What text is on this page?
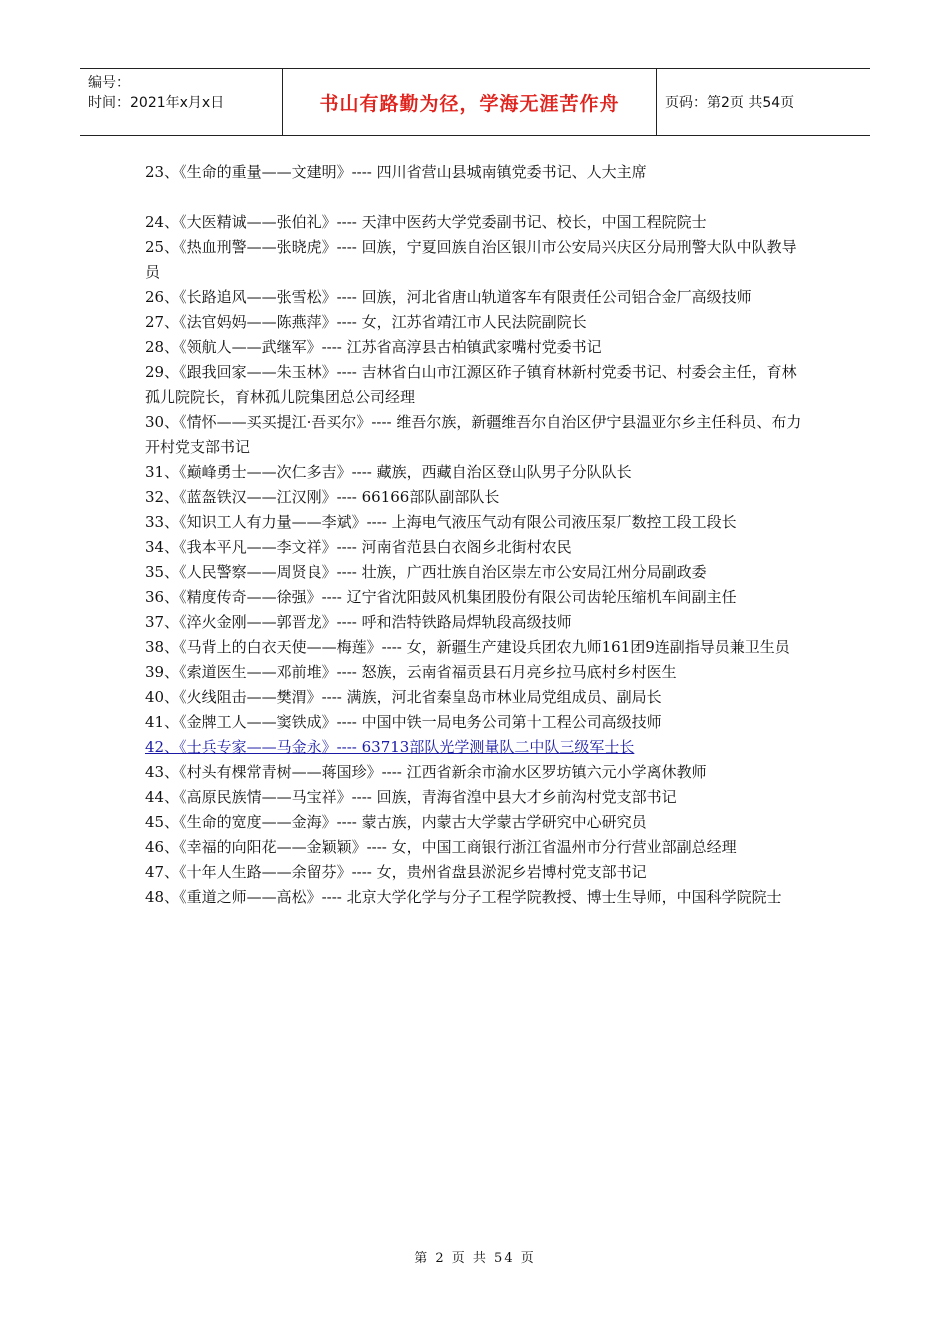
编号：
时间：2021年x月x日	书山有路勤为径，学海无涯苦作舟	页码：第2页 共54页

23、《生命的重量——文建明》---- 四川省营山县城南镇党委书记、人大主席

24、《大医精诚——张伯礼》---- 天津中医药大学党委副书记、校长，中国工程院院士

25、《热血刑警——张晓虎》---- 回族，宁夏回族自治区银川市公安局兴庆区分局刑警大队中队教导员

26、《长路追风——张雪松》---- 回族，河北省唐山轨道客车有限责任公司铝合金厂高级技师

27、《法官妈妈——陈燕萍》---- 女，江苏省靖江市人民法院副院长

28、《领航人——武继军》---- 江苏省高淳县古柏镇武家嘴村党委书记

29、《跟我回家——朱玉林》---- 吉林省白山市江源区砟子镇育林新村党委书记、村委会主任，育林孤儿院院长，育林孤儿院集团总公司经理

30、《情怀——买买提江·吾买尔》---- 维吾尔族，新疆维吾尔自治区伊宁县温亚尔乡主任科员、布力开村党支部书记

31、《巅峰勇士——次仁多吉》---- 藏族，西藏自治区登山队男子分队队长

32、《蓝盔铁汉——江汉刚》---- 66166部队副部队长

33、《知识工人有力量——李斌》---- 上海电气液压气动有限公司液压泵厂数控工段工段长

34、《我本平凡——李文祥》---- 河南省范县白衣阁乡北街村农民

35、《人民警察——周贤良》---- 壮族，广西壮族自治区崇左市公安局江州分局副政委

36、《精度传奇——徐强》---- 辽宁省沈阳鼓风机集团股份有限公司齿轮压缩机车间副主任

37、《淬火金刚——郭晋龙》---- 呼和浩特铁路局焊轨段高级技师

38、《马背上的白衣天使——梅莲》---- 女，新疆生产建设兵团农九师161团9连副指导员兼卫生员

39、《索道医生——邓前堆》---- 怒族，云南省福贡县石月亮乡拉马底村乡村医生

40、《火线阻击——樊渭》---- 满族，河北省秦皇岛市林业局党组成员、副局长

41、《金牌工人——窦铁成》---- 中国中铁一局电务公司第十工程公司高级技师

42、《士兵专家——马金永》---- 63713部队光学测量队二中队三级军士长

43、《村头有棵常青树——蒋国珍》---- 江西省新余市渝水区罗坊镇六元小学离休教师

44、《高原民族情——马宝祥》---- 回族，青海省湟中县大才乡前沟村党支部书记

45、《生命的宽度——金海》---- 蒙古族，内蒙古大学蒙古学研究中心研究员

46、《幸福的向阳花——金颖颖》---- 女，中国工商银行浙江省温州市分行营业部副总经理

47、《十年人生路——余留芬》---- 女，贵州省盘县淤泥乡岩博村党支部书记

48、《重道之师——高松》---- 北京大学化学与分子工程学院教授、博士生导师，中国科学院院士

第 2 页 共 54 页
